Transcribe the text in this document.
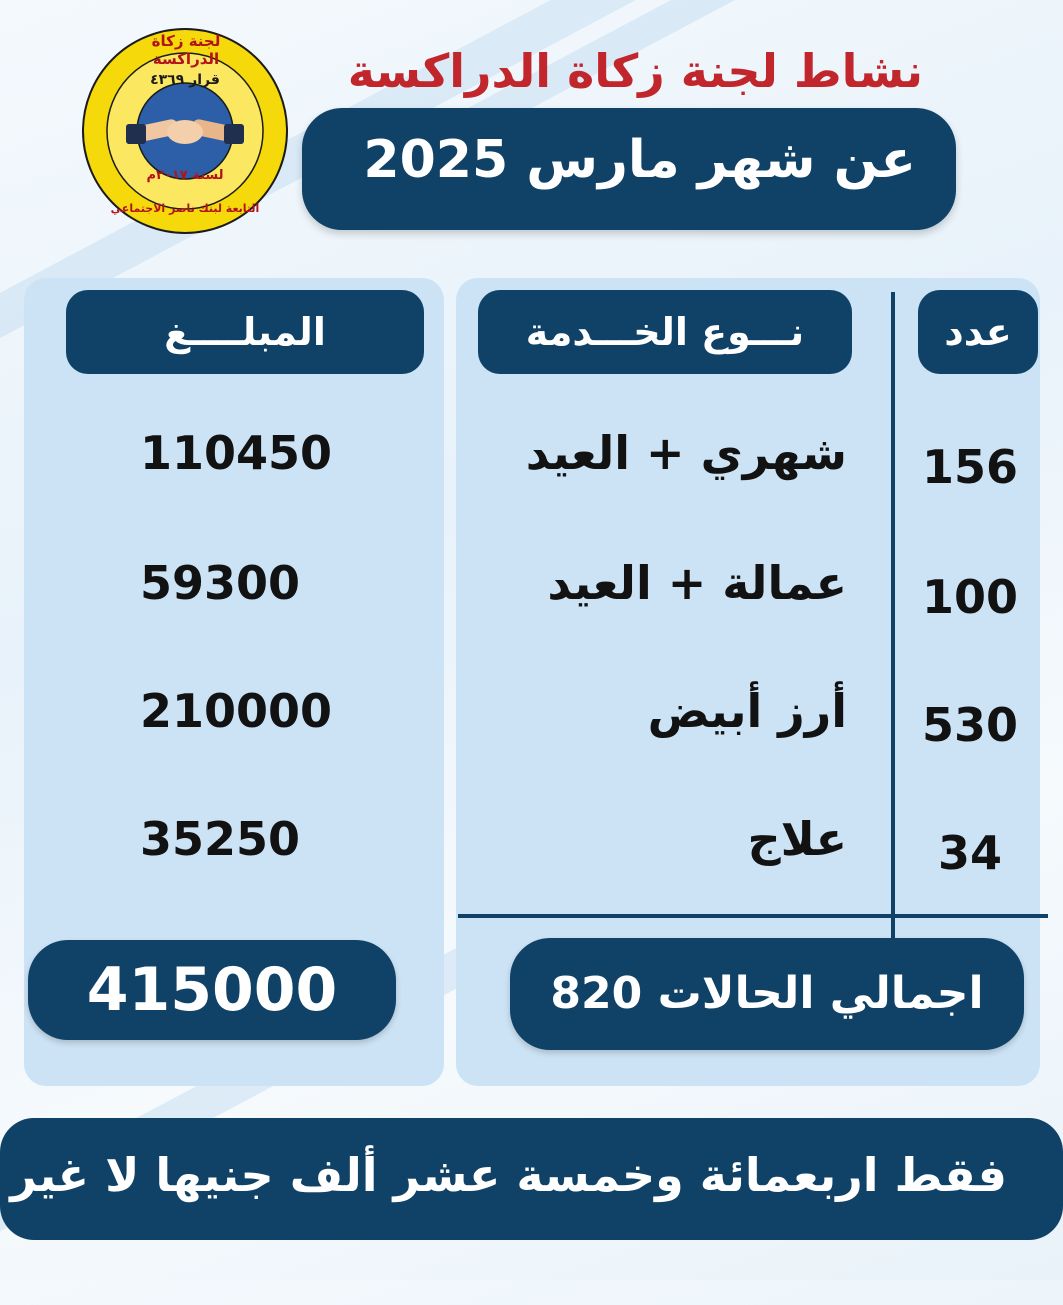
قرار ٤٣٦٩
لسنة ٢٠١٧م
لجنة زكاة الدراكسة
التابعة لبنك ناصر الاجتماعي
نشاط لجنة زكاة الدراكسة
عن شهر مارس 2025
المبلــــغ	نـــوع الخـــدمة	عدد
110450	شهري + العيد 156
59300	عمالة + العيد 100
210000	أرز أبيض 530
35250	علاج	34
415000	اجمالي الحالات 820
فقط اربعمائة وخمسة عشر ألف جنيها لا غير
